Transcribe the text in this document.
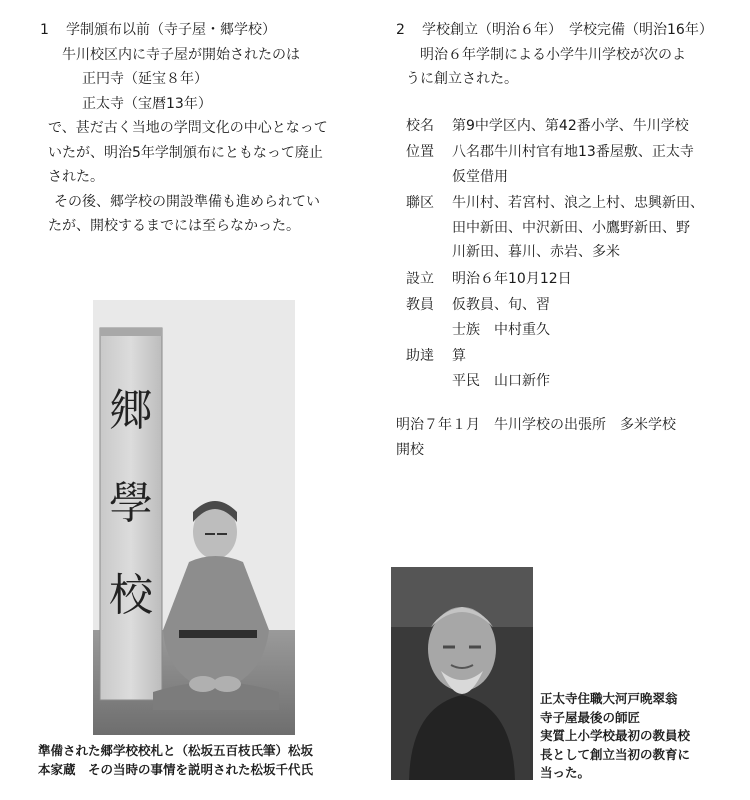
1 学制頒布以前（寺子屋・郷学校）

牛川校区内に寺子屋が開始されたのは

正円寺（延宝８年）

正太寺（宝暦13年）

で、甚だ古く当地の学問文化の中心となって

いたが、明治5年学制頒布にともなって廃止

された。

その後、郷学校の開設準備も進められてい

たが、開校するまでには至らなかった。

2 学校創立（明治６年）　学校完備（明治16年）

明治６年学制による小学牛川学校が次のよ

うに創立された。

校名	第9中学区内、第42番小学、牛川学校
位置	八名郡牛川村官有地13番屋敷、正太寺
仮堂借用
聯区	牛川村、若宮村、浪之上村、忠興新田、
田中新田、中沢新田、小鷹野新田、野
川新田、暮川、赤岩、多米
設立	明治６年10月12日
教員	仮教員、旬、習
士族　中村重久
助達	算
平民　山口新作
明治７年１月　牛川学校の出張所　多米学校
開校
郷
學
校
準備された郷学校校札と（松坂五百枝氏筆）松坂
本家蔵　その当時の事情を説明された松坂千代氏
正太寺住職大河戸晩翠翁
寺子屋最後の師匠
実質上小学校最初の教員校
長として創立当初の教育に
当った。
